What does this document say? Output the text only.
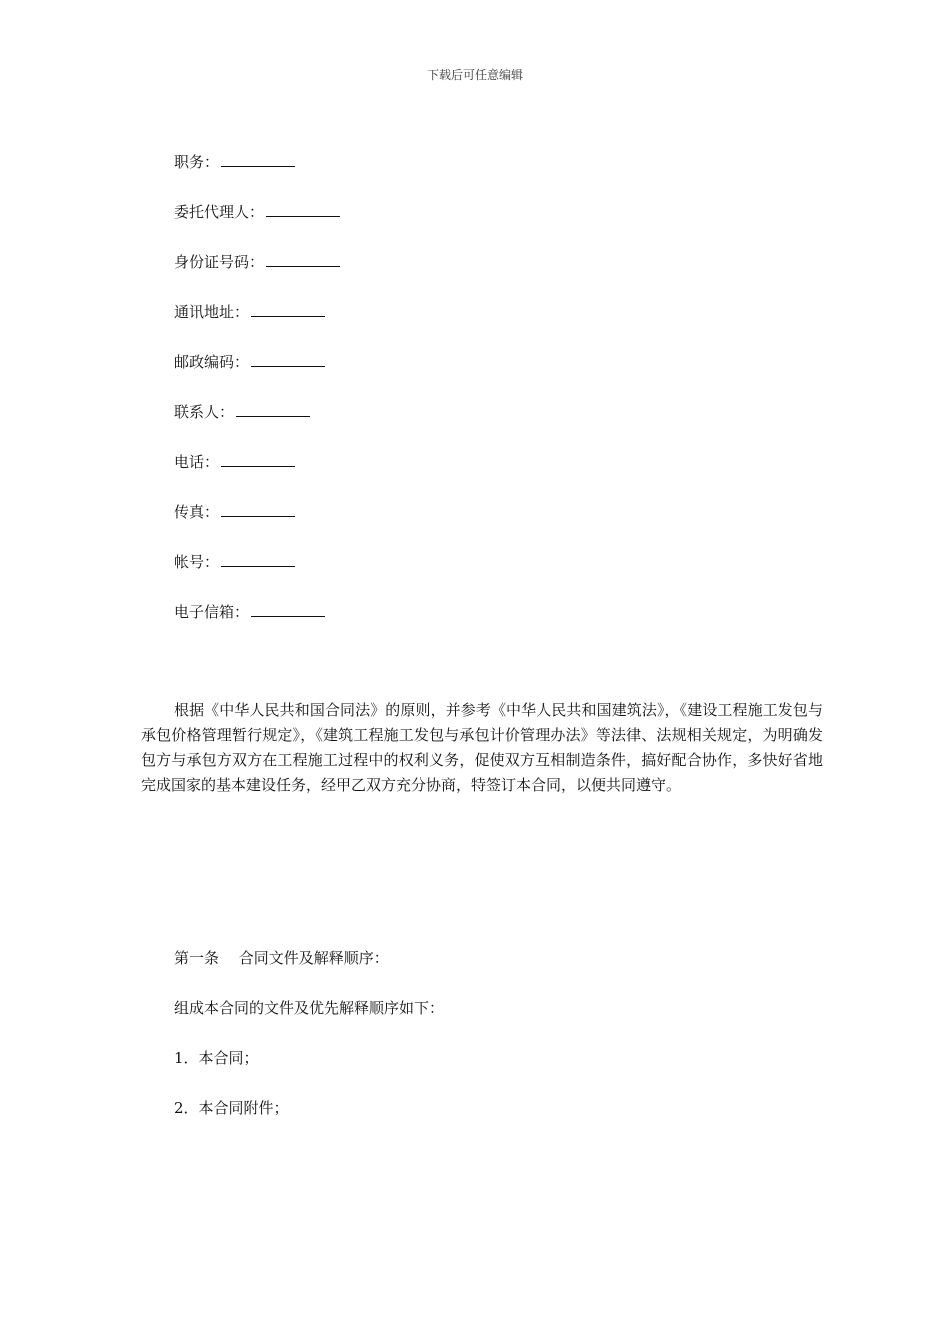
下载后可任意编辑
职务：
委托代理人：
身份证号码：
通讯地址：
邮政编码：
联系人：
电话：
传真：
帐号：
电子信箱：

根据《中华人民共和国合同法》的原则，并参考《中华人民共和国建筑法》，《建设工程施工发包与承包价格管理暂行规定》，《建筑工程施工发包与承包计价管理办法》等法律、法规相关规定，为明确发包方与承包方双方在工程施工过程中的权利义务，促使双方互相制造条件，搞好配合协作，多快好省地完成国家的基本建设任务，经甲乙双方充分协商，特签订本合同，以便共同遵守。

第一条　 合同文件及解释顺序：
组成本合同的文件及优先解释顺序如下：
1．本合同；
2．本合同附件；
